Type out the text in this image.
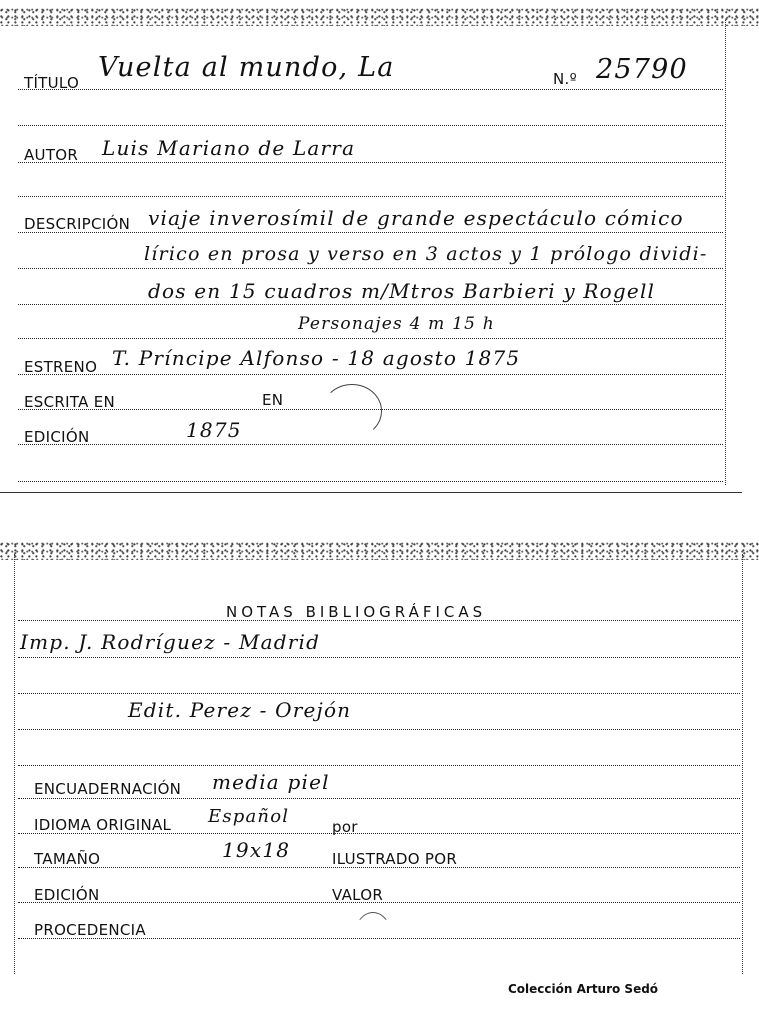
TÍTULO Vuelta al mundo, La	N.º 25790
AUTOR Luis Mariano de Larra
DESCRIPCIÓN viaje inverosímil de grande espectáculo cómico
lírico en prosa y verso en 3 actos y 1 prólogo dividi-
dos en 15 cuadros m/Mtros Barbieri y Rogell
Personajes 4 m 15 h
ESTRENO T. Príncipe Alfonso - 18 agosto 1875
ESCRITA EN	EN
EDICIÓN	1875
NOTAS BIBLIOGRÁFICAS
Imp. J. Rodríguez - Madrid
Edit. Perez - Orejón
ENCUADERNACIÓN media piel
IDIOMA ORIGINAL Español	por
TAMAÑO	19x18	ILUSTRADO POR
EDICIÓN	VALOR
PROCEDENCIA
Colección Arturo Sedó
